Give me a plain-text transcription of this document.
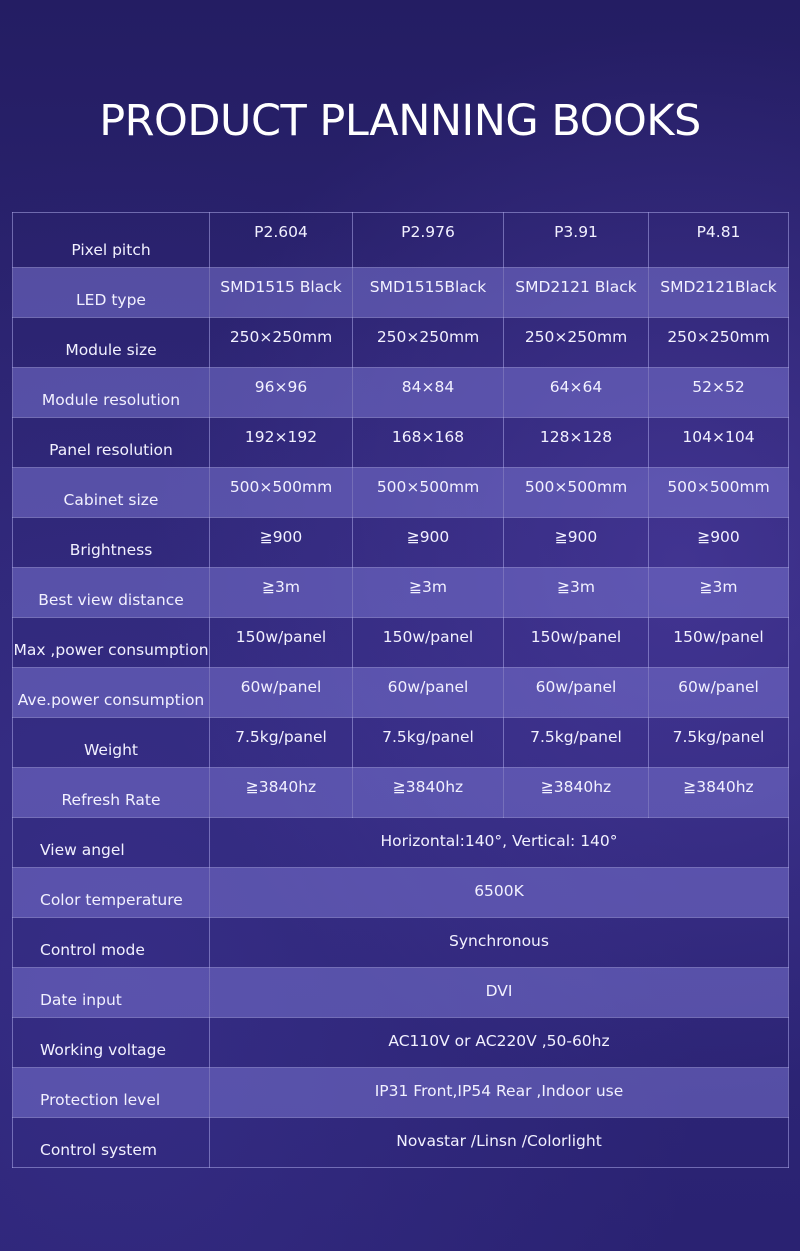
PRODUCT PLANNING BOOKS
Pixel pitch	P2.604	P2.976	P3.91	P4.81
LED type	SMD1515 Black	SMD1515Black	SMD2121 Black	SMD2121Black
Module size	250×250mm	250×250mm	250×250mm	250×250mm
Module resolution	96×96	84×84	64×64	52×52
Panel resolution	192×192	168×168	128×128	104×104
Cabinet size	500×500mm	500×500mm	500×500mm	500×500mm
Brightness	≧900	≧900	≧900	≧900
Best view distance	≧3m	≧3m	≧3m	≧3m
Max ,power consumption	150w/panel	150w/panel	150w/panel	150w/panel
Ave.power consumption	60w/panel	60w/panel	60w/panel	60w/panel
Weight	7.5kg/panel	7.5kg/panel	7.5kg/panel	7.5kg/panel
Refresh Rate	≧3840hz	≧3840hz	≧3840hz	≧3840hz
View angel	Horizontal:140°, Vertical: 140°			
Color temperature	6500K			
Control mode	Synchronous			
Date input	DVI			
Working voltage	AC110V or AC220V ,50-60hz			
Protection level	IP31 Front,IP54 Rear ,Indoor use			
Control system	Novastar /Linsn /Colorlight			
